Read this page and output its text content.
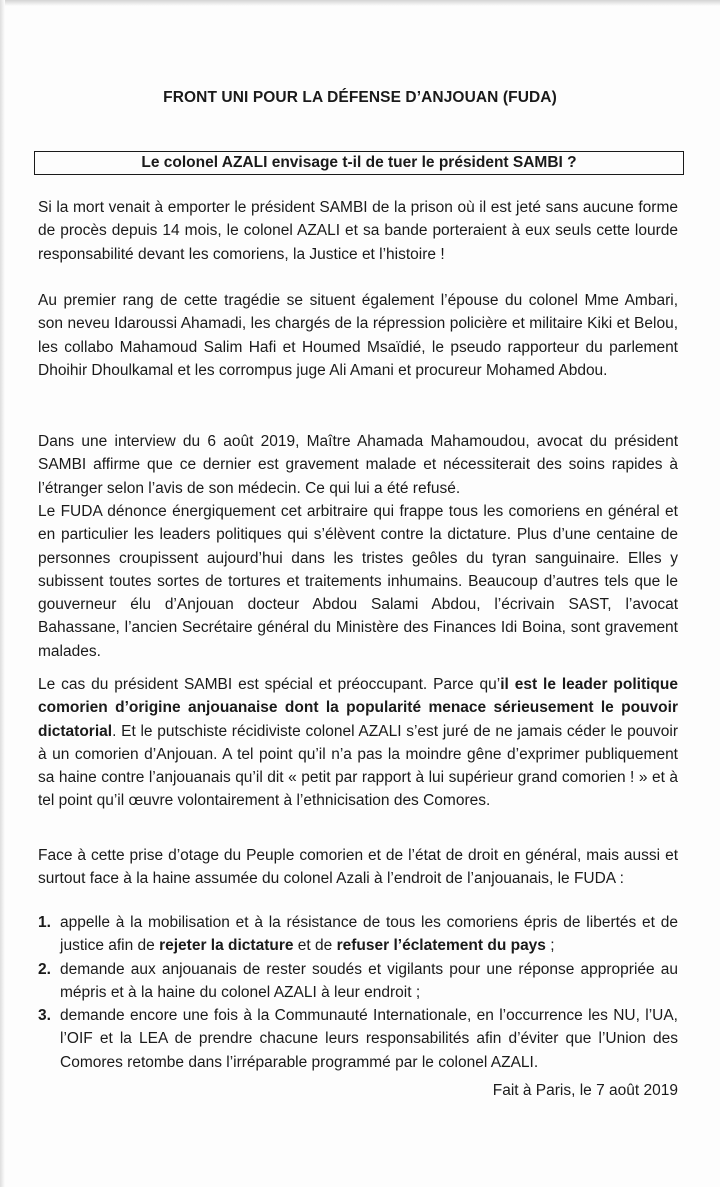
FRONT UNI POUR LA DÉFENSE D’ANJOUAN (FUDA)
Le colonel AZALI envisage t-il de tuer le président SAMBI ?

Si la mort venait à emporter le président SAMBI de la prison où il est jeté sans aucune forme de procès depuis 14 mois, le colonel AZALI et sa bande porteraient à eux seuls cette lourde responsabilité devant les comoriens, la Justice et l’histoire !

Au premier rang de cette tragédie se situent également l’épouse du colonel Mme Ambari, son neveu Idaroussi Ahamadi, les chargés de la répression policière et militaire Kiki et Belou, les collabo Mahamoud Salim Hafi et Houmed Msaïdié, le pseudo rapporteur du parlement Dhoihir Dhoulkamal et les corrompus juge Ali Amani et procureur Mohamed Abdou.

Dans une interview du 6 août 2019, Maître Ahamada Mahamoudou, avocat du président SAMBI affirme que ce dernier est gravement malade et nécessiterait des soins rapides à l’étranger selon l’avis de son médecin. Ce qui lui a été refusé.

Le FUDA dénonce énergiquement cet arbitraire qui frappe tous les comoriens en général et en particulier les leaders politiques qui s’élèvent contre la dictature. Plus d’une centaine de personnes croupissent aujourd’hui dans les tristes geôles du tyran sanguinaire. Elles y subissent toutes sortes de tortures et traitements inhumains. Beaucoup d’autres tels que le gouverneur élu d’Anjouan docteur Abdou Salami Abdou, l’écrivain SAST, l’avocat Bahassane, l’ancien Secrétaire général du Ministère des Finances Idi Boina, sont gravement malades.

Le cas du président SAMBI est spécial et préoccupant. Parce qu’il est le leader politique comorien d’origine anjouanaise dont la popularité menace sérieusement le pouvoir dictatorial. Et le putschiste récidiviste colonel AZALI s’est juré de ne jamais céder le pouvoir à un comorien d’Anjouan. A tel point qu’il n’a pas la moindre gêne d’exprimer publiquement sa haine contre l’anjouanais qu’il dit « petit par rapport à lui supérieur grand comorien ! » et à tel point qu’il œuvre volontairement à l’ethnicisation des Comores.

Face à cette prise d’otage du Peuple comorien et de l’état de droit en général, mais aussi et surtout face à la haine assumée du colonel Azali à l’endroit de l’anjouanais, le FUDA :

1. appelle à la mobilisation et à la résistance de tous les comoriens épris de libertés et de justice afin de rejeter la dictature et de refuser l’éclatement du pays ;
2. demande aux anjouanais de rester soudés et vigilants pour une réponse appropriée au mépris et à la haine du colonel AZALI à leur endroit ;
3. demande encore une fois à la Communauté Internationale, en l’occurrence les NU, l’UA, l’OIF et la LEA de prendre chacune leurs responsabilités afin d’éviter que l’Union des Comores retombe dans l’irréparable programmé par le colonel AZALI.
Fait à Paris, le 7 août 2019
